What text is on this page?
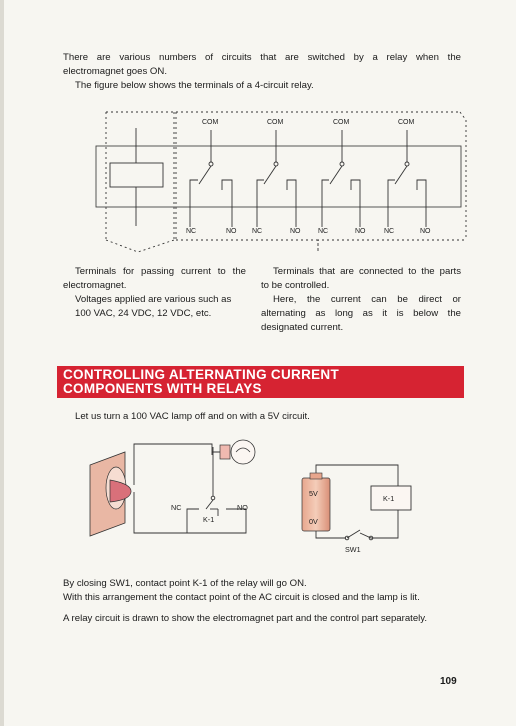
There are various numbers of circuits that are switched by a relay when the

electromagnet goes ON.

The figure below shows the terminals of a 4-circuit relay.

COM	COM	COM	COM
NC	NO NC	NO	NC	NO	NC	NO

Terminals for passing current to the

electromagnet.

Voltages applied are various such as

100 VAC, 24 VDC, 12 VDC, etc.

Terminals that are connected to the parts

to be controlled.

Here, the current can be direct or

alternating as long as it is below the

designated current.

CONTROLLING ALTERNATING CURRENT
COMPONENTS WITH RELAYS

Let us turn a 100 VAC lamp off and on with a 5V circuit.

NC	NO
K-1
5V
0V
K-1
SW1

By closing SW1, contact point K-1 of the relay will go ON.

With this arrangement the contact point of the AC circuit is closed and the lamp is lit.

A relay circuit is drawn to show the electromagnet part and the control part separately.

109
